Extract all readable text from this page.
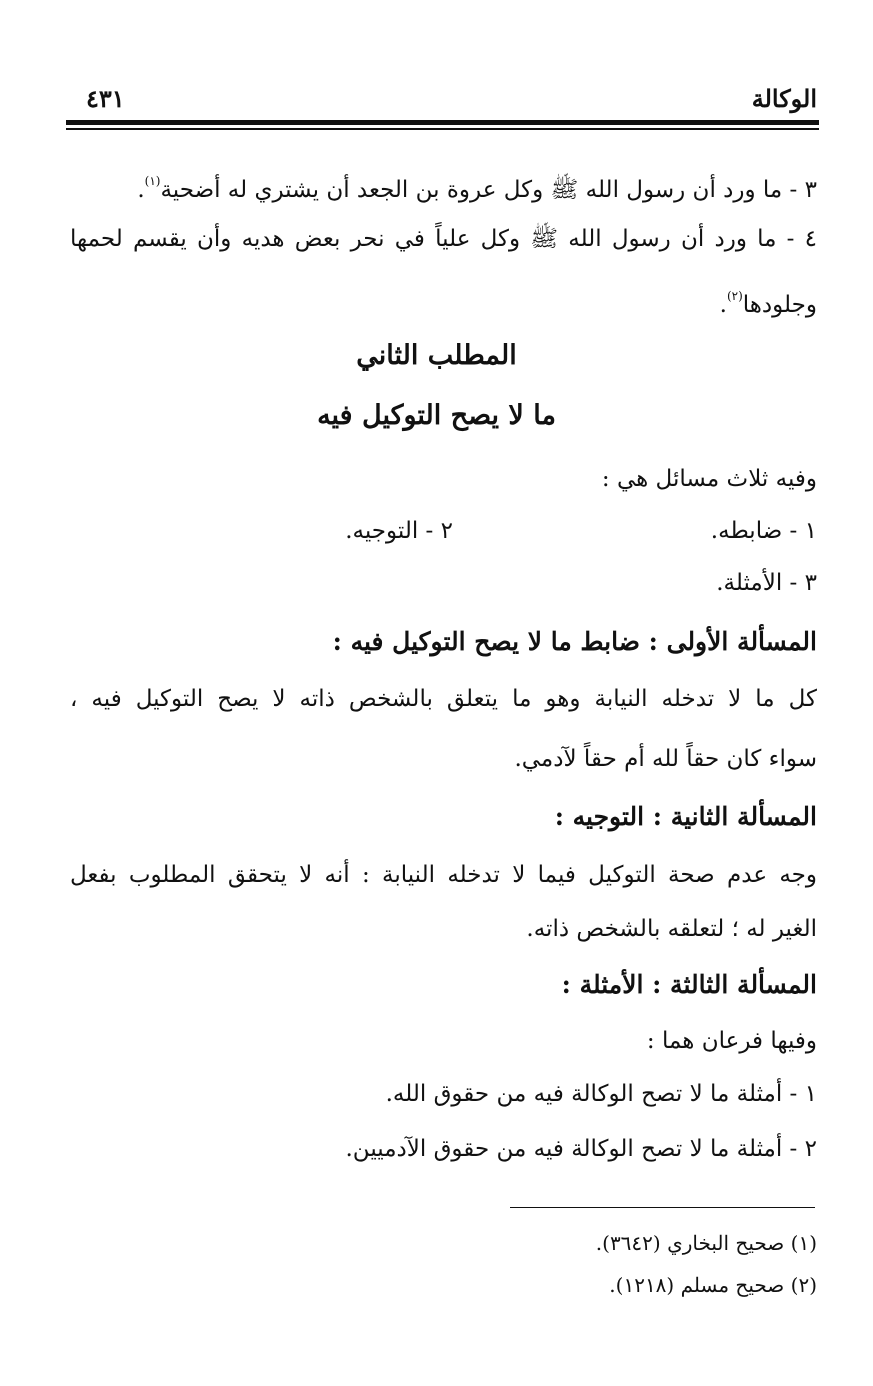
الوكالة
٤٣١
٣ - ما ورد أن رسول الله ﷺ وكل عروة بن الجعد أن يشتري له أضحية$^{(١)}$.
٤ - ما ورد أن رسول الله ﷺ وكل علياً في نحر بعض هديه وأن يقسم لحمها
وجلودها$^{(٢)}$.
المطلب الثاني
ما لا يصح التوكيل فيه
وفيه ثلاث مسائل هي :
١ - ضابطه.
٢ - التوجيه.
٣ - الأمثلة.
المسألة الأولى : ضابط ما لا يصح التوكيل فيه :
كل ما لا تدخله النيابة وهو ما يتعلق بالشخص ذاته لا يصح التوكيل فيه ،
سواء كان حقاً لله أم حقاً لآدمي.
المسألة الثانية : التوجيه :
وجه عدم صحة التوكيل فيما لا تدخله النيابة : أنه لا يتحقق المطلوب بفعل
الغير له ؛ لتعلقه بالشخص ذاته.
المسألة الثالثة : الأمثلة :
وفيها فرعان هما :
١ - أمثلة ما لا تصح الوكالة فيه من حقوق الله.
٢ - أمثلة ما لا تصح الوكالة فيه من حقوق الآدميين.
(١) صحيح البخاري (٣٦٤٢).
(٢) صحيح مسلم (١٢١٨).
